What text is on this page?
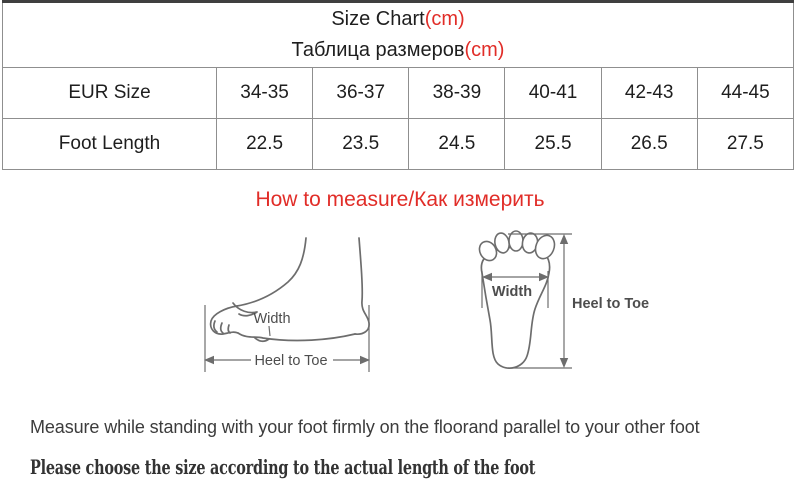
Size Chart(cm)
Таблица размеров(cm)						

EUR Size	34-35	36-37	38-39	40-41	42-43	44-45
Foot Length	22.5	23.5	24.5	25.5	26.5	27.5
How to measure/Как измерить
Width
Heel to Toe
Width
Heel to Toe
Measure while standing with your foot firmly on the floorand parallel to your other foot
Please choose the size according to the actual length of the foot
